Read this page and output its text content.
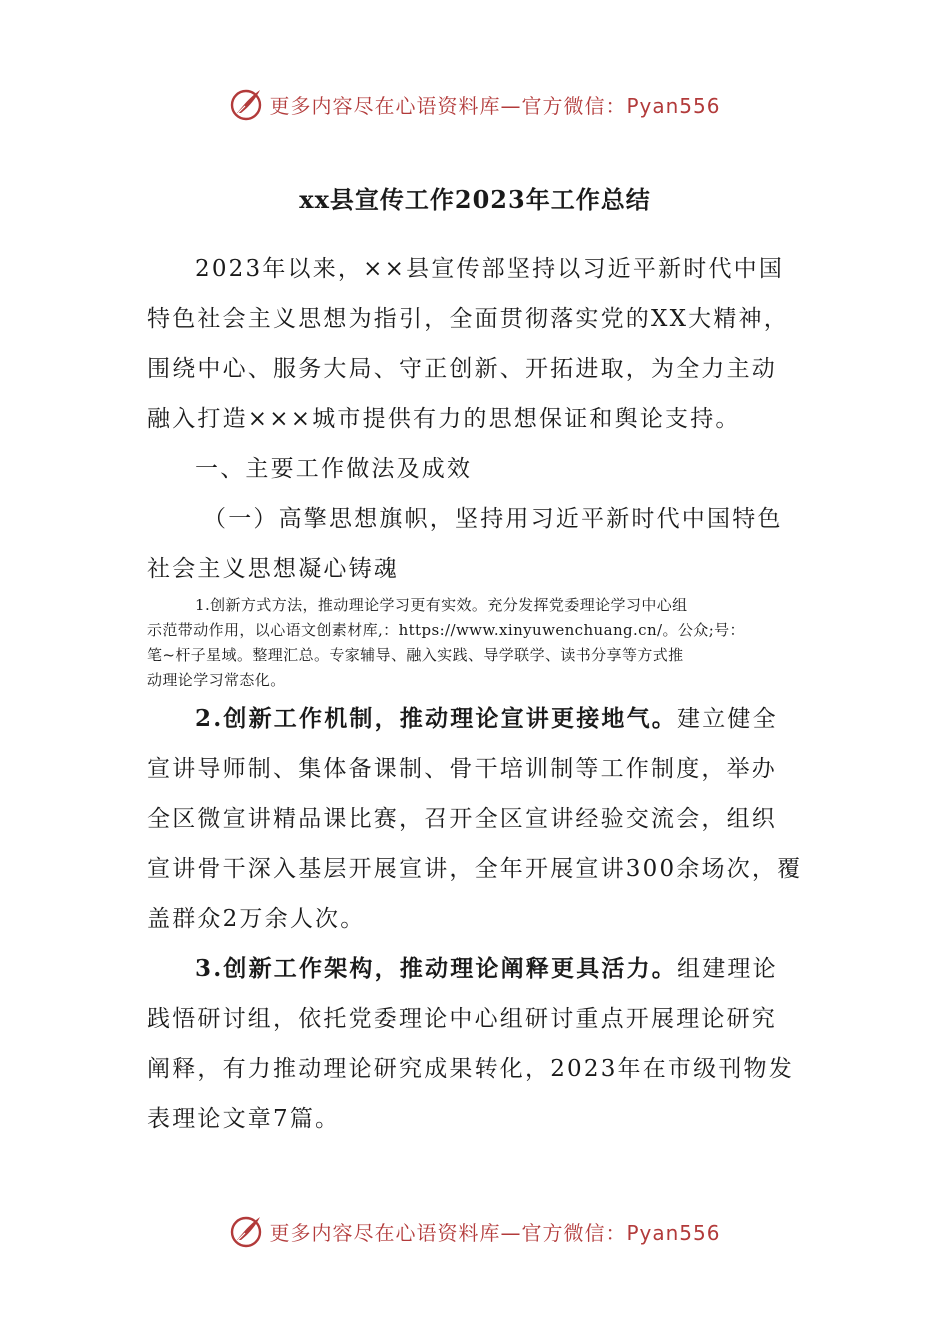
更多内容尽在心语资料库—官方微信：Pyan556
xx县宣传工作2023年工作总结
2023年以来，××县宣传部坚持以习近平新时代中国
特色社会主义思想为指引，全面贯彻落实党的XX大精神，
围绕中心、服务大局、守正创新、开拓进取，为全力主动
融入打造×××城市提供有力的思想保证和舆论支持。
一、主要工作做法及成效
（一）高擎思想旗帜，坚持用习近平新时代中国特色
社会主义思想凝心铸魂
1.创新方式方法，推动理论学习更有实效。充分发挥党委理论学习中心组
示范带动作用，以心语文创素材库,：https://www.xinyuwenchuang.cn/。公众;号：
笔~杆子星域。整理汇总。专家辅导、融入实践、导学联学、读书分享等方式推
动理论学习常态化。
2.创新工作机制，推动理论宣讲更接地气。建立健全
宣讲导师制、集体备课制、骨干培训制等工作制度，举办
全区微宣讲精品课比赛，召开全区宣讲经验交流会，组织
宣讲骨干深入基层开展宣讲，全年开展宣讲300余场次，覆
盖群众2万余人次。
3.创新工作架构，推动理论阐释更具活力。组建理论
践悟研讨组，依托党委理论中心组研讨重点开展理论研究
阐释，有力推动理论研究成果转化，2023年在市级刊物发
表理论文章7篇。
更多内容尽在心语资料库—官方微信：Pyan556
